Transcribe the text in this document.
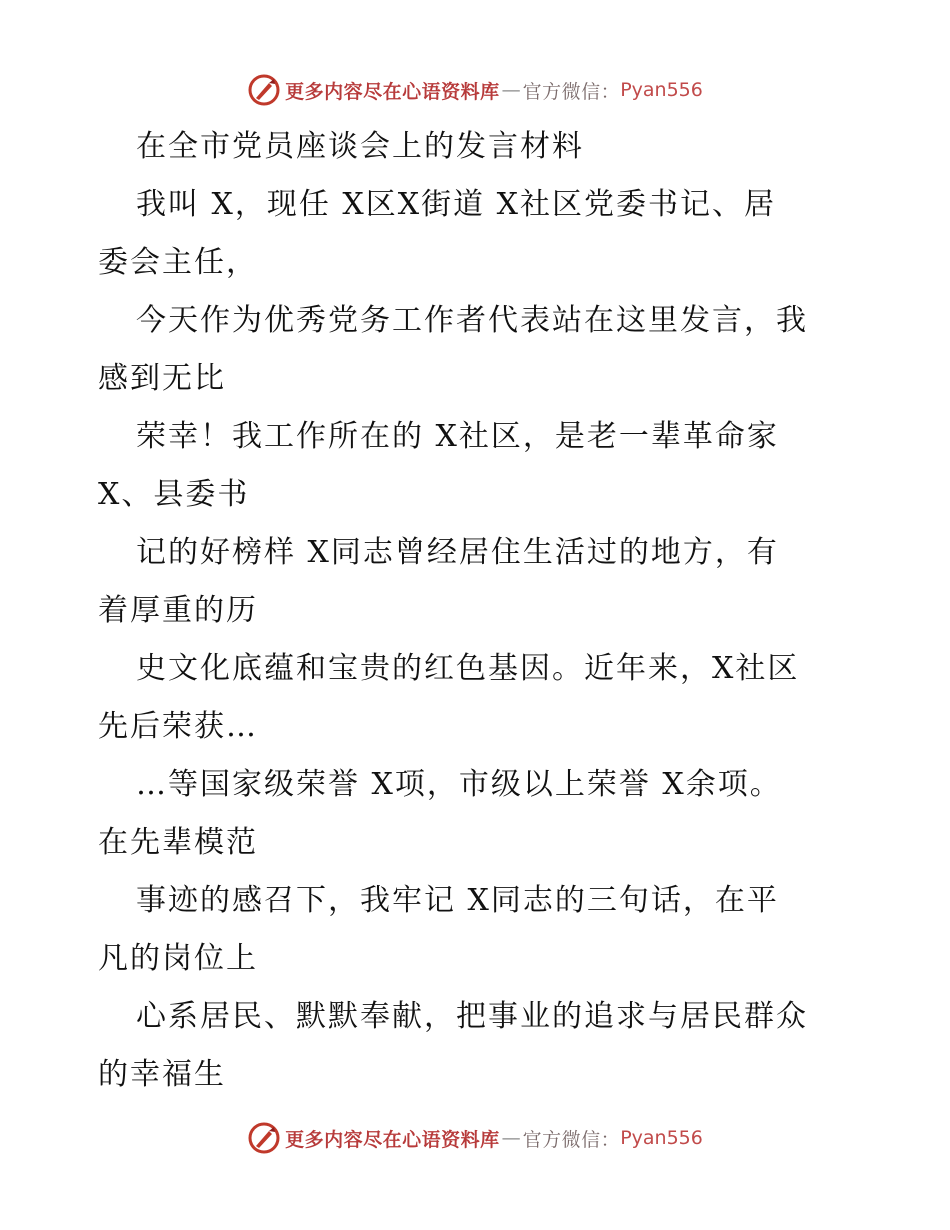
更多内容尽在心语资料库 — 官方微信： Pyan556
在全市党员座谈会上的发言材料
我叫 X，现任 X区X街道 X社区党委书记、居
委会主任，
今天作为优秀党务工作者代表站在这里发言，我
感到无比
荣幸！我工作所在的 X社区，是老一辈革命家
X、县委书
记的好榜样 X同志曾经居住生活过的地方，有
着厚重的历
史文化底蕴和宝贵的红色基因。近年来，X社区
先后荣获…
…等国家级荣誉 X项，市级以上荣誉 X余项。
在先辈模范
事迹的感召下，我牢记 X同志的三句话，在平
凡的岗位上
心系居民、默默奉献，把事业的追求与居民群众
的幸福生
更多内容尽在心语资料库 — 官方微信： Pyan556
